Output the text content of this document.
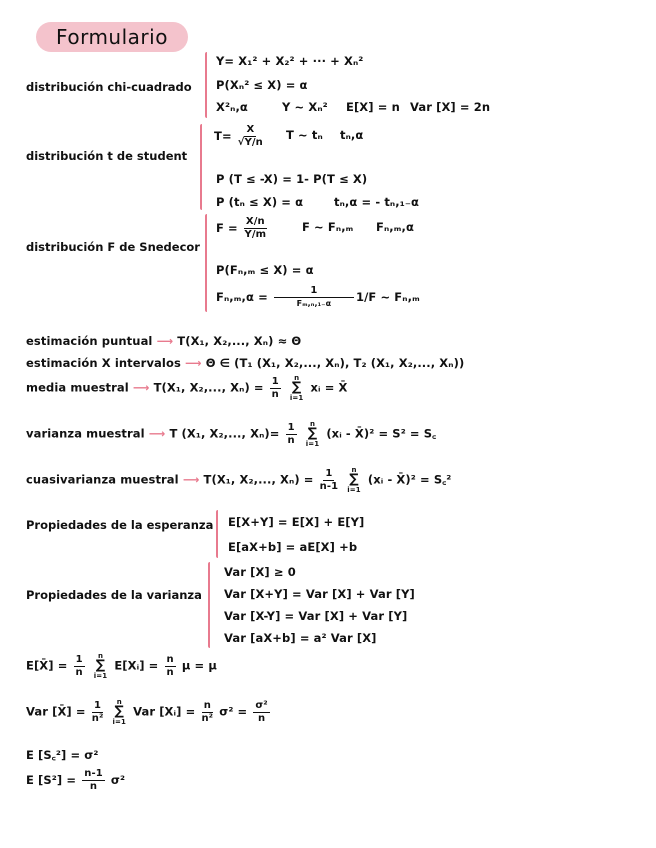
Formulario
distribución chi-cuadrado
Y= X₁² + X₂² + ··· + Xₙ²
P(Xₙ² ≤ X) = α
X²ₙ,α	Y ~ Xₙ² E[X] = n Var [X] = 2n
distribución t de student
$T= \frac{X}{√Y/n}$ T ~ tₙ tₙ,α
P (T ≤ -X) = 1- P(T ≤ X)
P (tₙ ≤ X) = α	tₙ,α = - tₙ,₁₋α
distribución F de Snedecor
$F = \frac{X/n}{Y/m}$	F ~ Fₙ,ₘ Fₙ,ₘ,α
P(Fₙ,ₘ ≤ X) = α
$F_n,_m,\alpha = \frac{1}{\text{Fₘ,ₙ,₁₋α}} 1/F$ ~ Fₙ,ₘ
estimación puntual ⟶ T(X₁, X₂,..., Xₙ) ≈ Θ
estimación X intervalos ⟶ Θ ∈ (T₁ (X₁, X₂,..., Xₙ), T₂ (X₁, X₂,..., Xₙ))
media muestral ⟶ T(X₁, X₂,..., $X_n) = \frac{1}{n}$
n
∑
i=1
xᵢ = X̄
varianza muestral ⟶ T (X₁, X₂,..., $X_n)= \frac{1}{n}$
n
∑
i=1
(xᵢ - X̄)² = S² = S꜀
cuasivarianza muestral ⟶ T(X₁, X₂,..., $X_n) = \frac{1}{n-1}$
n
∑
i=1
(xᵢ - X̄)² = S꜀²
Propiedades de la esperanza E[X+Y] = E[X] + E[Y]
E[aX+b] = aE[X] +b
Propiedades de la varianza
Var [X] ≥ 0
Var [X+Y] = Var [X] + Var [Y]
Var [X-Y] = Var [X] + Var [Y]
Var [aX+b] = a² Var [X]
E[X̄] = $\frac{1}{n}$
n
∑
i=1
E[Xᵢ] = $\frac{n}{n}$ μ = μ
Var [X̄] = $\frac{1}{\text{n²}}$
n
∑
i=1
Var [Xᵢ] = $\frac{n}{\text{n²}} \sigma^2 = \frac{\text{σ²}}{n}$
E [S꜀²] = σ²
E $[S^2] = \frac{n-1}{n} \sigma^2$
